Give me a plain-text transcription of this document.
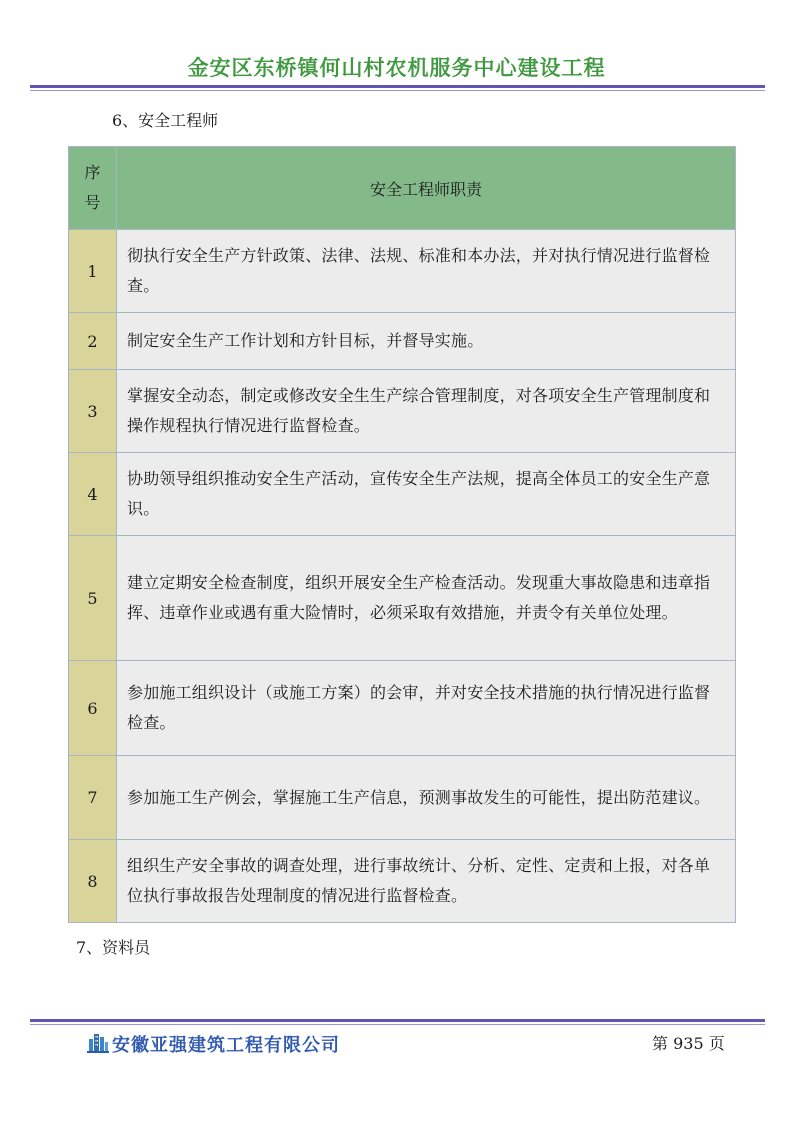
金安区东桥镇何山村农机服务中心建设工程
6、安全工程师
序
号	安全工程师职责
1	彻执行安全生产方针政策、法律、法规、标准和本办法，并对执行情况进行监督检查。
2	制定安全生产工作计划和方针目标，并督导实施。
3	掌握安全动态，制定或修改安全生生产综合管理制度，对各项安全生产管理制度和操作规程执行情况进行监督检查。
4	协助领导组织推动安全生产活动，宣传安全生产法规，提高全体员工的安全生产意识。
5	建立定期安全检查制度，组织开展安全生产检查活动。发现重大事故隐患和违章指挥、违章作业或遇有重大险情时，必须采取有效措施，并责令有关单位处理。
6	参加施工组织设计（或施工方案）的会审，并对安全技术措施的执行情况进行监督检查。
7	参加施工生产例会，掌握施工生产信息，预测事故发生的可能性，提出防范建议。
8	组织生产安全事故的调查处理，进行事故统计、分析、定性、定责和上报，对各单位执行事故报告处理制度的情况进行监督检查。
7、资料员
安徽亚强建筑工程有限公司	第 935 页
